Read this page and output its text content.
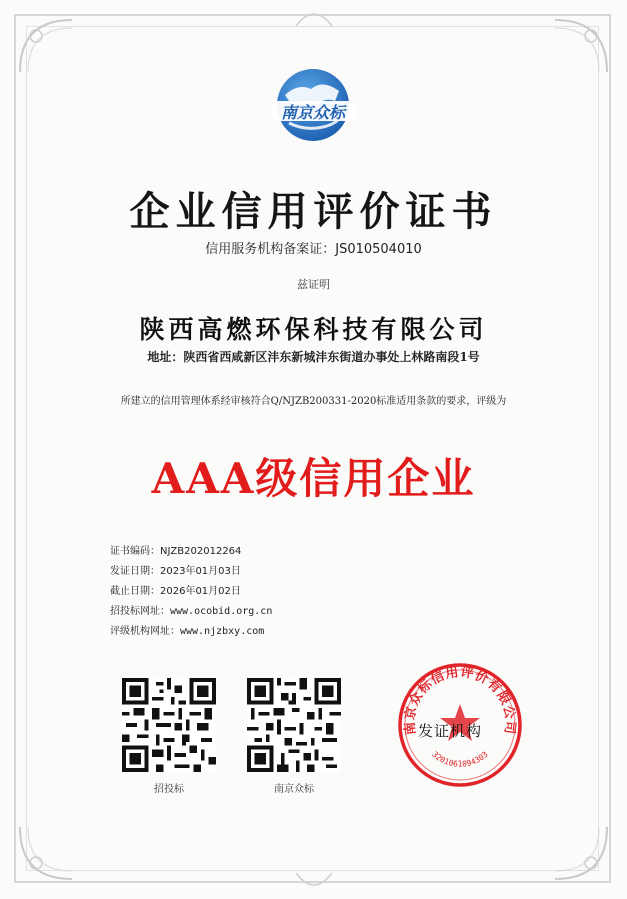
南京众标
企业信用评价证书
信用服务机构备案证：JS010504010
兹证明
陕西高燃环保科技有限公司
地址：陕西省西咸新区沣东新城沣东街道办事处上林路南段1号
所建立的信用管理体系经审核符合Q/NJZB200331-2020标准适用条款的要求，评级为
AAA级信用企业
证书编码：NJZB202012264
发证日期：2023年01月03日
截止日期：2026年01月02日
招投标网址：www.ocobid.org.cn
评级机构网址：www.njzbxy.com
招投标	南京众标
南京众标信用评价有限公司
3201061094303
发证机构
